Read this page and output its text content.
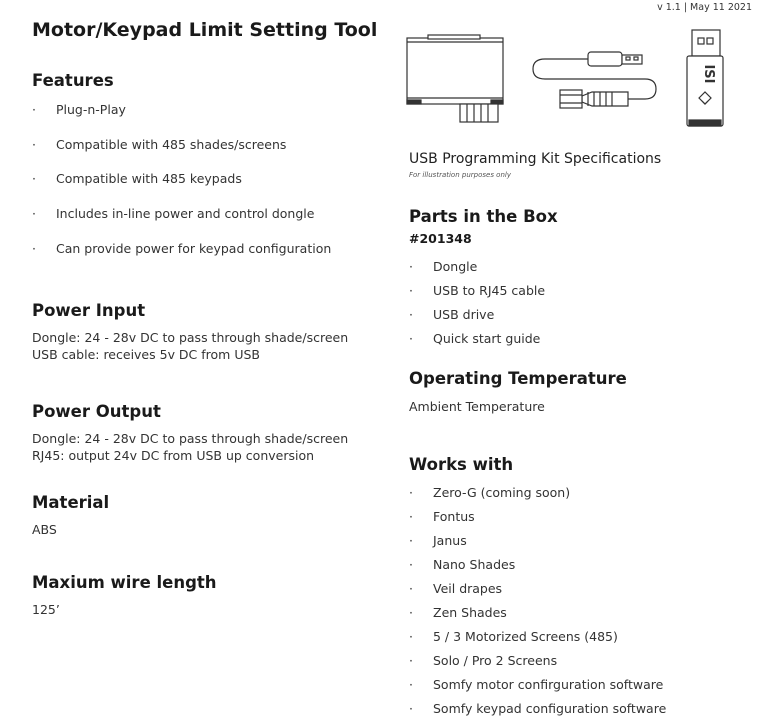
v 1.1 | May 11 2021
Motor/Keypad Limit Setting Tool
Features
· Plug-n-Play
· Compatible with 485 shades/screens
· Compatible with 485 keypads
· Includes in-line power and control dongle
· Can provide power for keypad configuration
Power Input
Dongle: 24 - 28v DC to pass through shade/screen
USB cable: receives 5v DC from USB
Power Output
Dongle: 24 - 28v DC to pass through shade/screen
RJ45: output 24v DC from USB up conversion
Material
ABS
Maxium wire length
125’
ISI
USB Programming Kit Specifications
For illustration purposes only
Parts in the Box
#201348
· Dongle
· USB to RJ45 cable
· USB drive
· Quick start guide
Operating Temperature
Ambient Temperature
Works with
· Zero-G (coming soon)
· Fontus
· Janus
· Nano Shades
· Veil drapes
· Zen Shades
· 5 / 3 Motorized Screens (485)
· Solo / Pro 2 Screens
· Somfy motor confirguration software
· Somfy keypad configuration software
